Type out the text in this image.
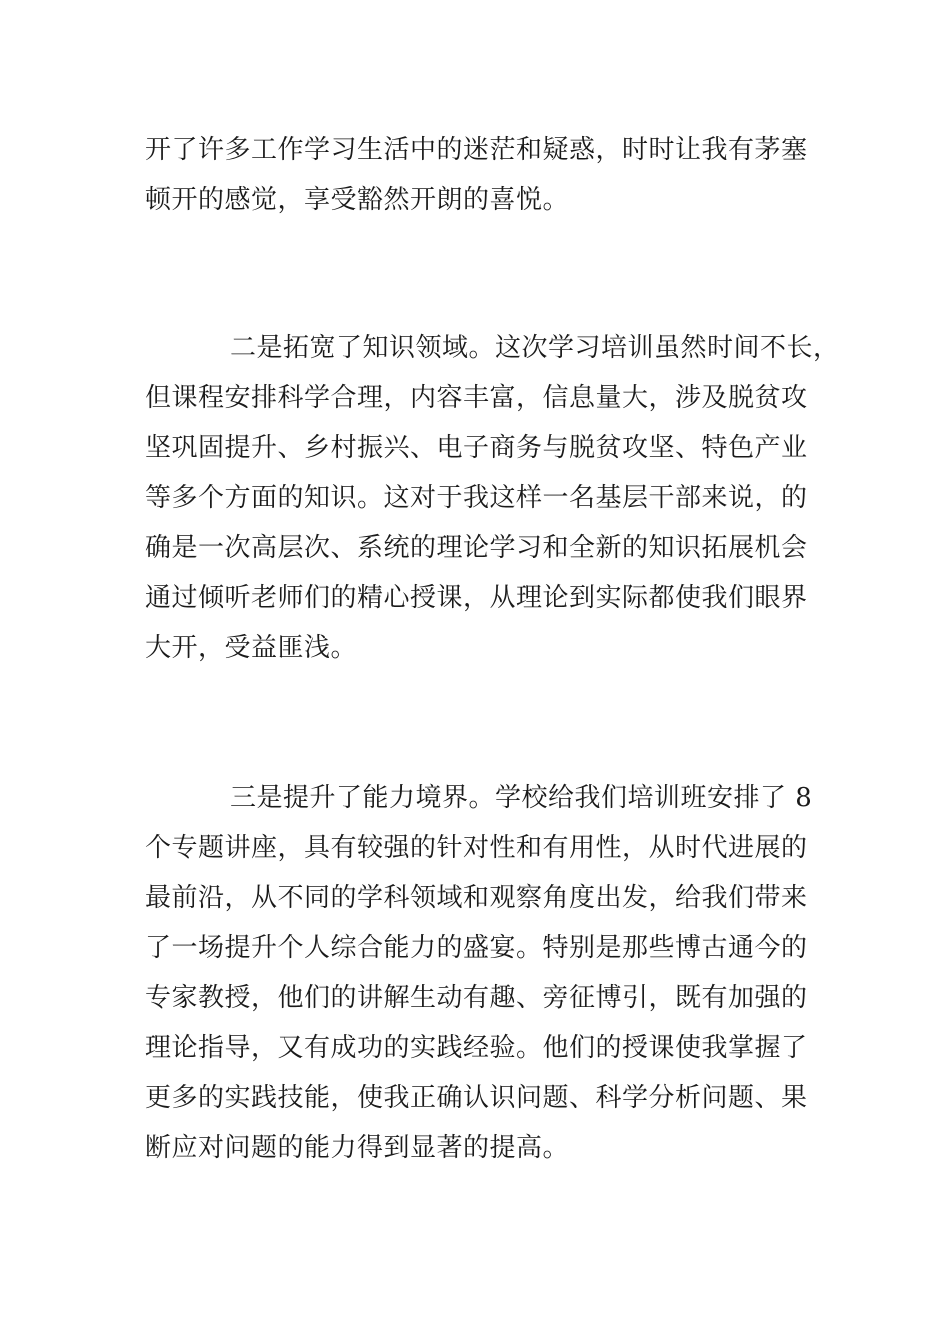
开了许多工作学习生活中的迷茫和疑惑，时时让我有茅塞
顿开的感觉，享受豁然开朗的喜悦。
二是拓宽了知识领域。这次学习培训虽然时间不长，
但课程安排科学合理，内容丰富，信息量大，涉及脱贫攻
坚巩固提升、乡村振兴、电子商务与脱贫攻坚、特色产业
等多个方面的知识。这对于我这样一名基层干部来说，的
确是一次高层次、系统的理论学习和全新的知识拓展机会
通过倾听老师们的精心授课，从理论到实际都使我们眼界
大开，受益匪浅。
三是提升了能力境界。学校给我们培训班安排了 8
个专题讲座，具有较强的针对性和有用性，从时代进展的
最前沿，从不同的学科领域和观察角度出发，给我们带来
了一场提升个人综合能力的盛宴。特别是那些博古通今的
专家教授，他们的讲解生动有趣、旁征博引，既有加强的
理论指导，又有成功的实践经验。他们的授课使我掌握了
更多的实践技能，使我正确认识问题、科学分析问题、果
断应对问题的能力得到显著的提高。
